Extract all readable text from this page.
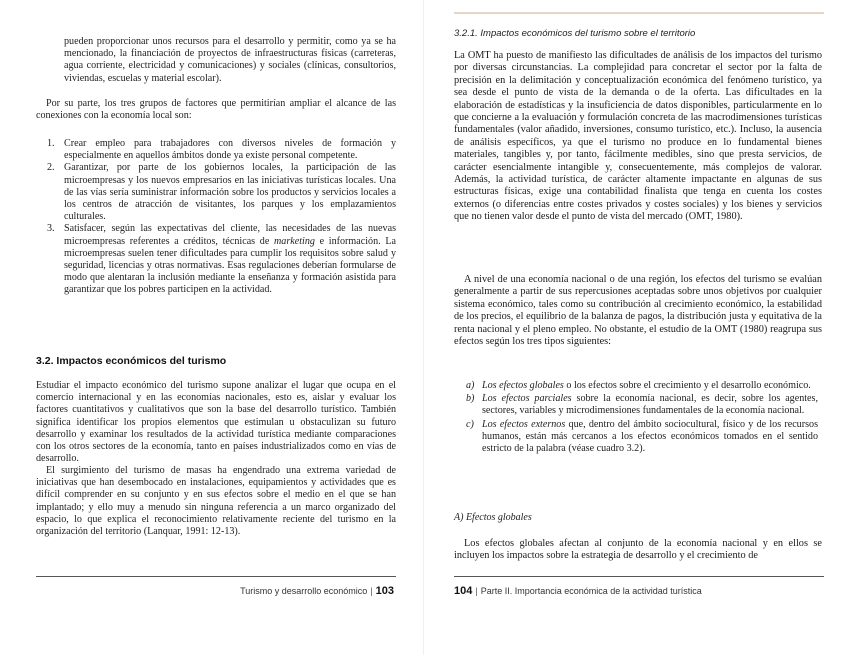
pueden proporcionar unos recursos para el desarrollo y permitir, como ya se ha mencionado, la financiación de proyectos de infraestructuras físicas (carreteras, agua corriente, electricidad y comunicaciones) y sociales (clínicas, consultorios, viviendas, escuelas y material escolar).

Por su parte, los tres grupos de factores que permitirían ampliar el alcance de las conexiones con la economía local son:

1. Crear empleo para trabajadores con diversos niveles de formación y especialmente en aquellos ámbitos donde ya existe personal competente.
2. Garantizar, por parte de los gobiernos locales, la participación de las microempresas y los nuevos empresarios en las iniciativas turísticas locales. Una de las vías sería suministrar información sobre los productos y servicios locales a los centros de atracción de visitantes, los parques y los emplazamientos culturales.
3. Satisfacer, según las expectativas del cliente, las necesidades de las nuevas microempresas referentes a créditos, técnicas de marketing e información. La microempresas suelen tener dificultades para cumplir los requisitos sobre salud y seguridad, licencias y otras normativas. Esas regulaciones deberían formularse de modo que alentaran la inclusión mediante la enseñanza y formación asistida para garantizar que los pobres participen en la actividad.
3.2. Impactos económicos del turismo

Estudiar el impacto económico del turismo supone analizar el lugar que ocupa en el comercio internacional y en las economías nacionales, esto es, aislar y evaluar los factores cuantitativos y cualitativos que son la base del desarrollo turístico. También significa identificar los propios elementos que estimulan u obstaculizan su futuro desarrollo y examinar los resultados de la actividad turística mediante comparaciones con los otros sectores de la economía, tanto en países industrializados como en vías de desarrollo.

El surgimiento del turismo de masas ha engendrado una extrema variedad de iniciativas que han desembocado en instalaciones, equipamientos y actividades que es difícil comprender en su conjunto y en sus efectos sobre el medio en el que se han implantado; y ello muy a menudo sin ninguna referencia a un marco organizado del espacio, lo que explica el reconocimiento relativamente reciente del turismo en la organización del territorio (Lanquar, 1991: 12-13).

Turismo y desarrollo económico | 103
3.2.1. Impactos económicos del turismo sobre el territorio

La OMT ha puesto de manifiesto las dificultades de análisis de los impactos del turismo por diversas circunstancias. La complejidad para concretar el sector por la falta de precisión en la delimitación y conceptualización económica del fenómeno turístico, ya sea desde el punto de vista de la demanda o de la oferta. Las dificultades en la elaboración de estadísticas y la insuficiencia de datos disponibles, particularmente en lo que concierne a la evaluación y formulación concreta de las macrodimensiones turísticas fundamentales (valor añadido, inversiones, consumo turístico, etc.). Incluso, la ausencia de análisis específicos, ya que el turismo no produce en lo fundamental bienes materiales, tangibles y, por tanto, fácilmente medibles, sino que presta servicios, de carácter esencialmente intangible y, consecuentemente, más complejos de valorar. Además, la actividad turística, de carácter altamente impactante en algunas de sus estructuras físicas, exige una contabilidad finalista que tenga en cuenta los costes externos (o diferencias entre costes privados y costes sociales) y los bienes y servicios que no tienen valor desde el punto de vista del mercado (OMT, 1980).

A nivel de una economía nacional o de una región, los efectos del turismo se evalúan generalmente a partir de sus repercusiones aceptadas sobre unos objetivos por cualquier sistema económico, tales como su contribución al crecimiento económico, la estabilidad de los precios, el equilibrio de la balanza de pagos, la distribución justa y equitativa de la renta nacional y el pleno empleo. No obstante, el estudio de la OMT (1980) reagrupa sus efectos según los tres tipos siguientes:

a) Los efectos globales o los efectos sobre el crecimiento y el desarrollo económico.
b) Los efectos parciales sobre la economía nacional, es decir, sobre los agentes, sectores, variables y microdimensiones fundamentales de la economía nacional.
c) Los efectos externos que, dentro del ámbito sociocultural, físico y de los recursos humanos, están más cercanos a los efectos económicos tomados en el sentido estricto de la palabra (véase cuadro 3.2).

A) Efectos globales

Los efectos globales afectan al conjunto de la economía nacional y en ellos se incluyen los impactos sobre la estrategia de desarrollo y el crecimiento de

104 | Parte II. Importancia económica de la actividad turística
